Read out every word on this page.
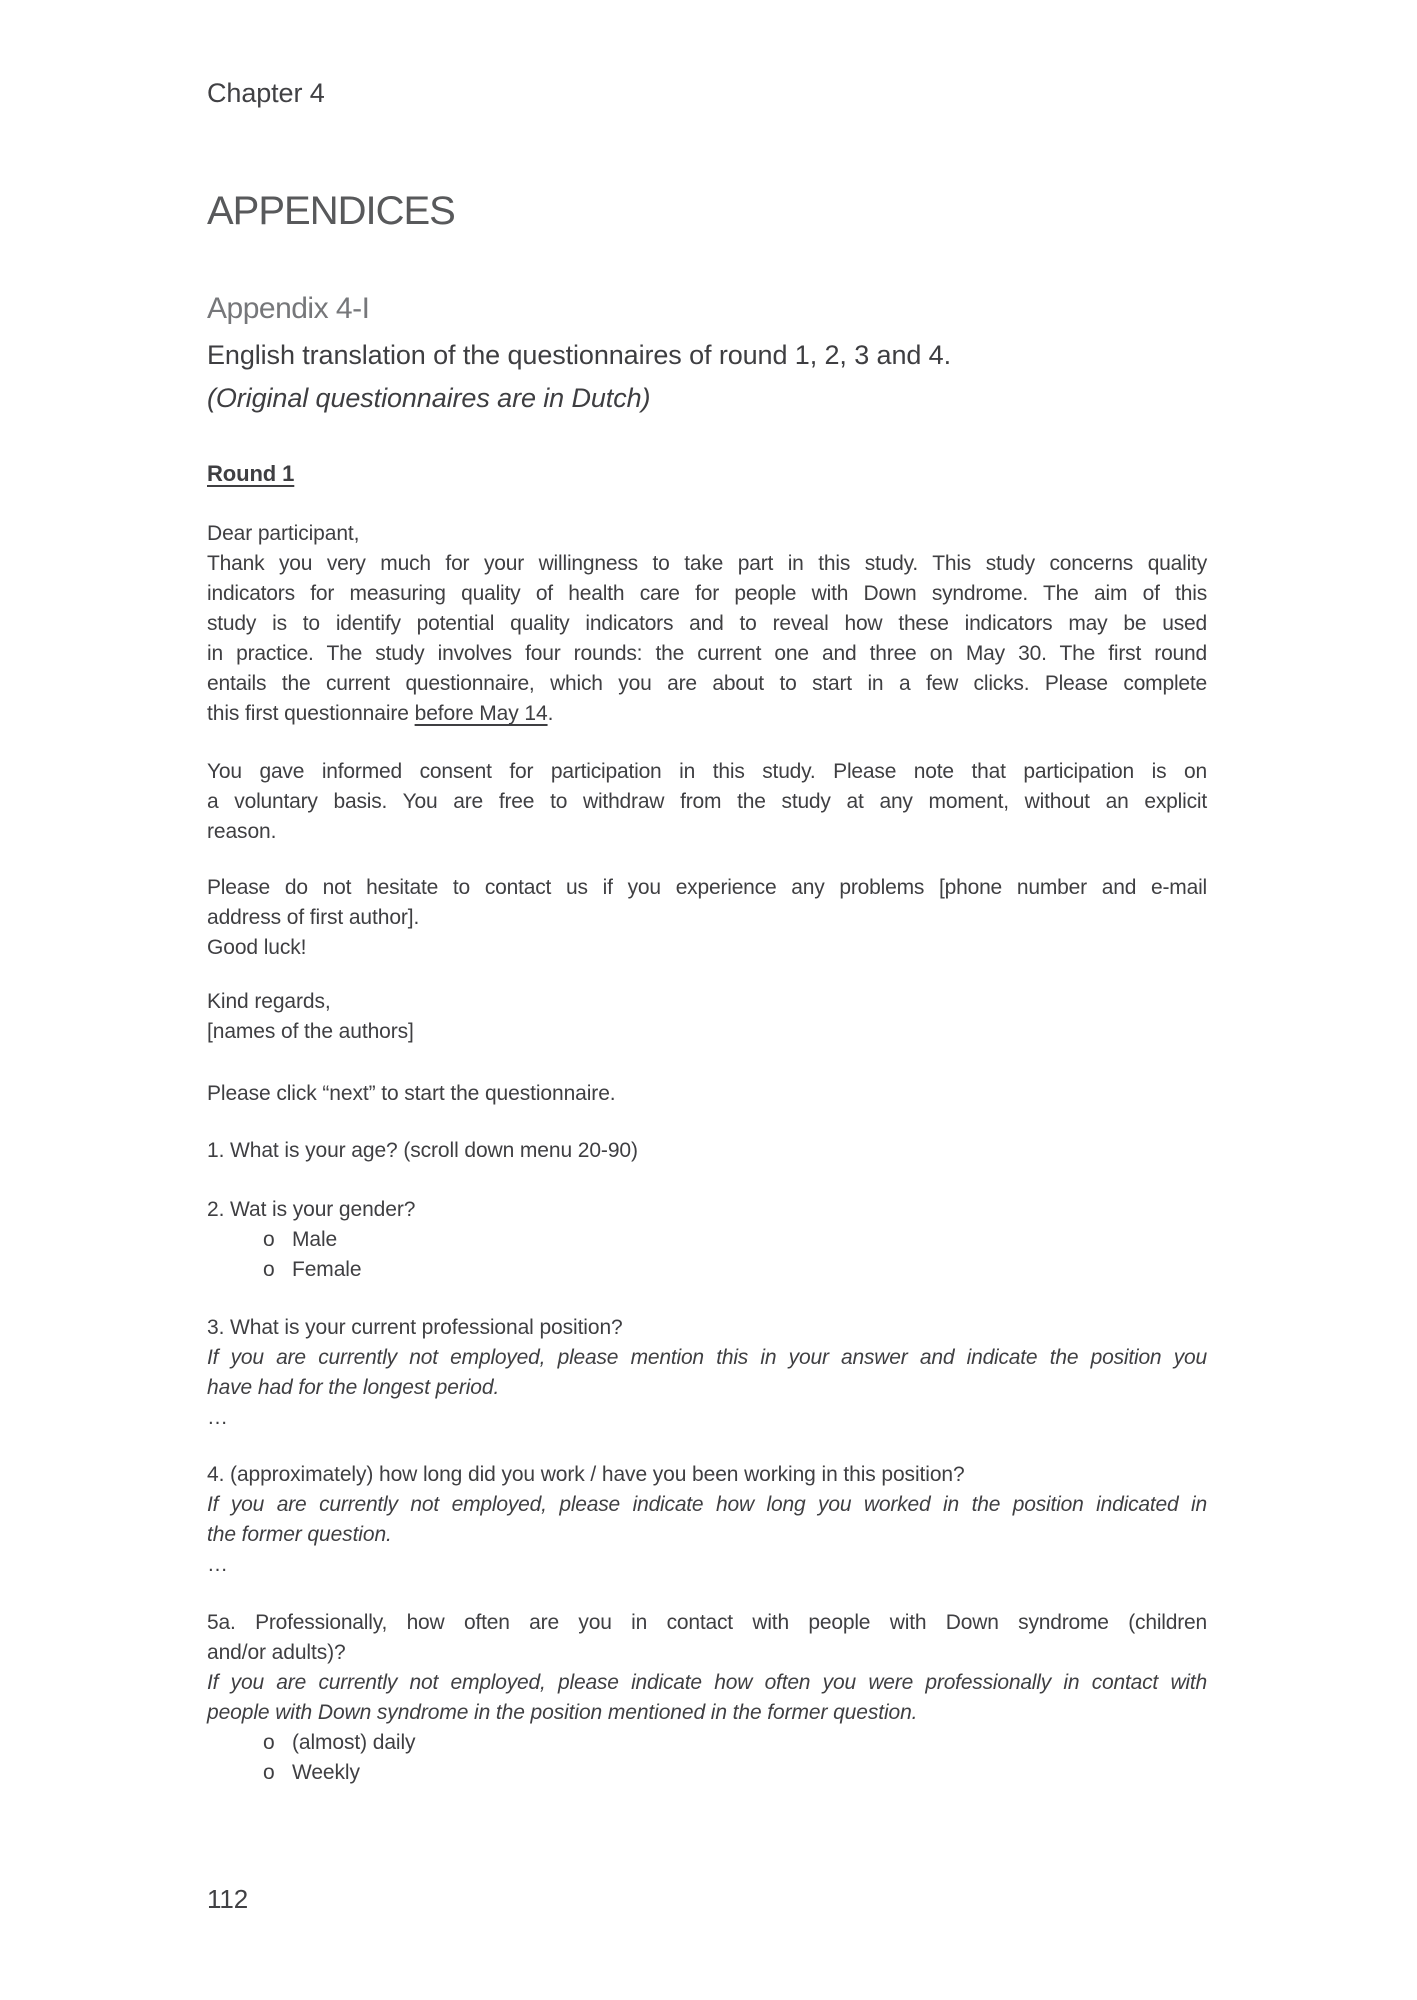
Chapter 4
APPENDICES
Appendix 4-I
English translation of the questionnaires of round 1, 2, 3 and 4.
(Original questionnaires are in Dutch)
Round 1
Dear participant,
Thank you very much for your willingness to take part in this study. This study concerns quality
indicators for measuring quality of health care for people with Down syndrome. The aim of this
study is to identify potential quality indicators and to reveal how these indicators may be used
in practice. The study involves four rounds: the current one and three on May 30. The first round
entails the current questionnaire, which you are about to start in a few clicks. Please complete
this first questionnaire before May 14.
You gave informed consent for participation in this study. Please note that participation is on
a voluntary basis. You are free to withdraw from the study at any moment, without an explicit
reason.
Please do not hesitate to contact us if you experience any problems [phone number and e-mail
address of first author].
Good luck!
Kind regards,
[names of the authors]
Please click “next” to start the questionnaire.
1. What is your age? (scroll down menu 20-90)
2. Wat is your gender?
o Male
o Female
3. What is your current professional position?
If you are currently not employed, please mention this in your answer and indicate the position you
have had for the longest period.
…
4. (approximately) how long did you work / have you been working in this position?
If you are currently not employed, please indicate how long you worked in the position indicated in
the former question.
…
5a. Professionally, how often are you in contact with people with Down syndrome (children
and/or adults)?
If you are currently not employed, please indicate how often you were professionally in contact with
people with Down syndrome in the position mentioned in the former question.
o (almost) daily
o Weekly
112
